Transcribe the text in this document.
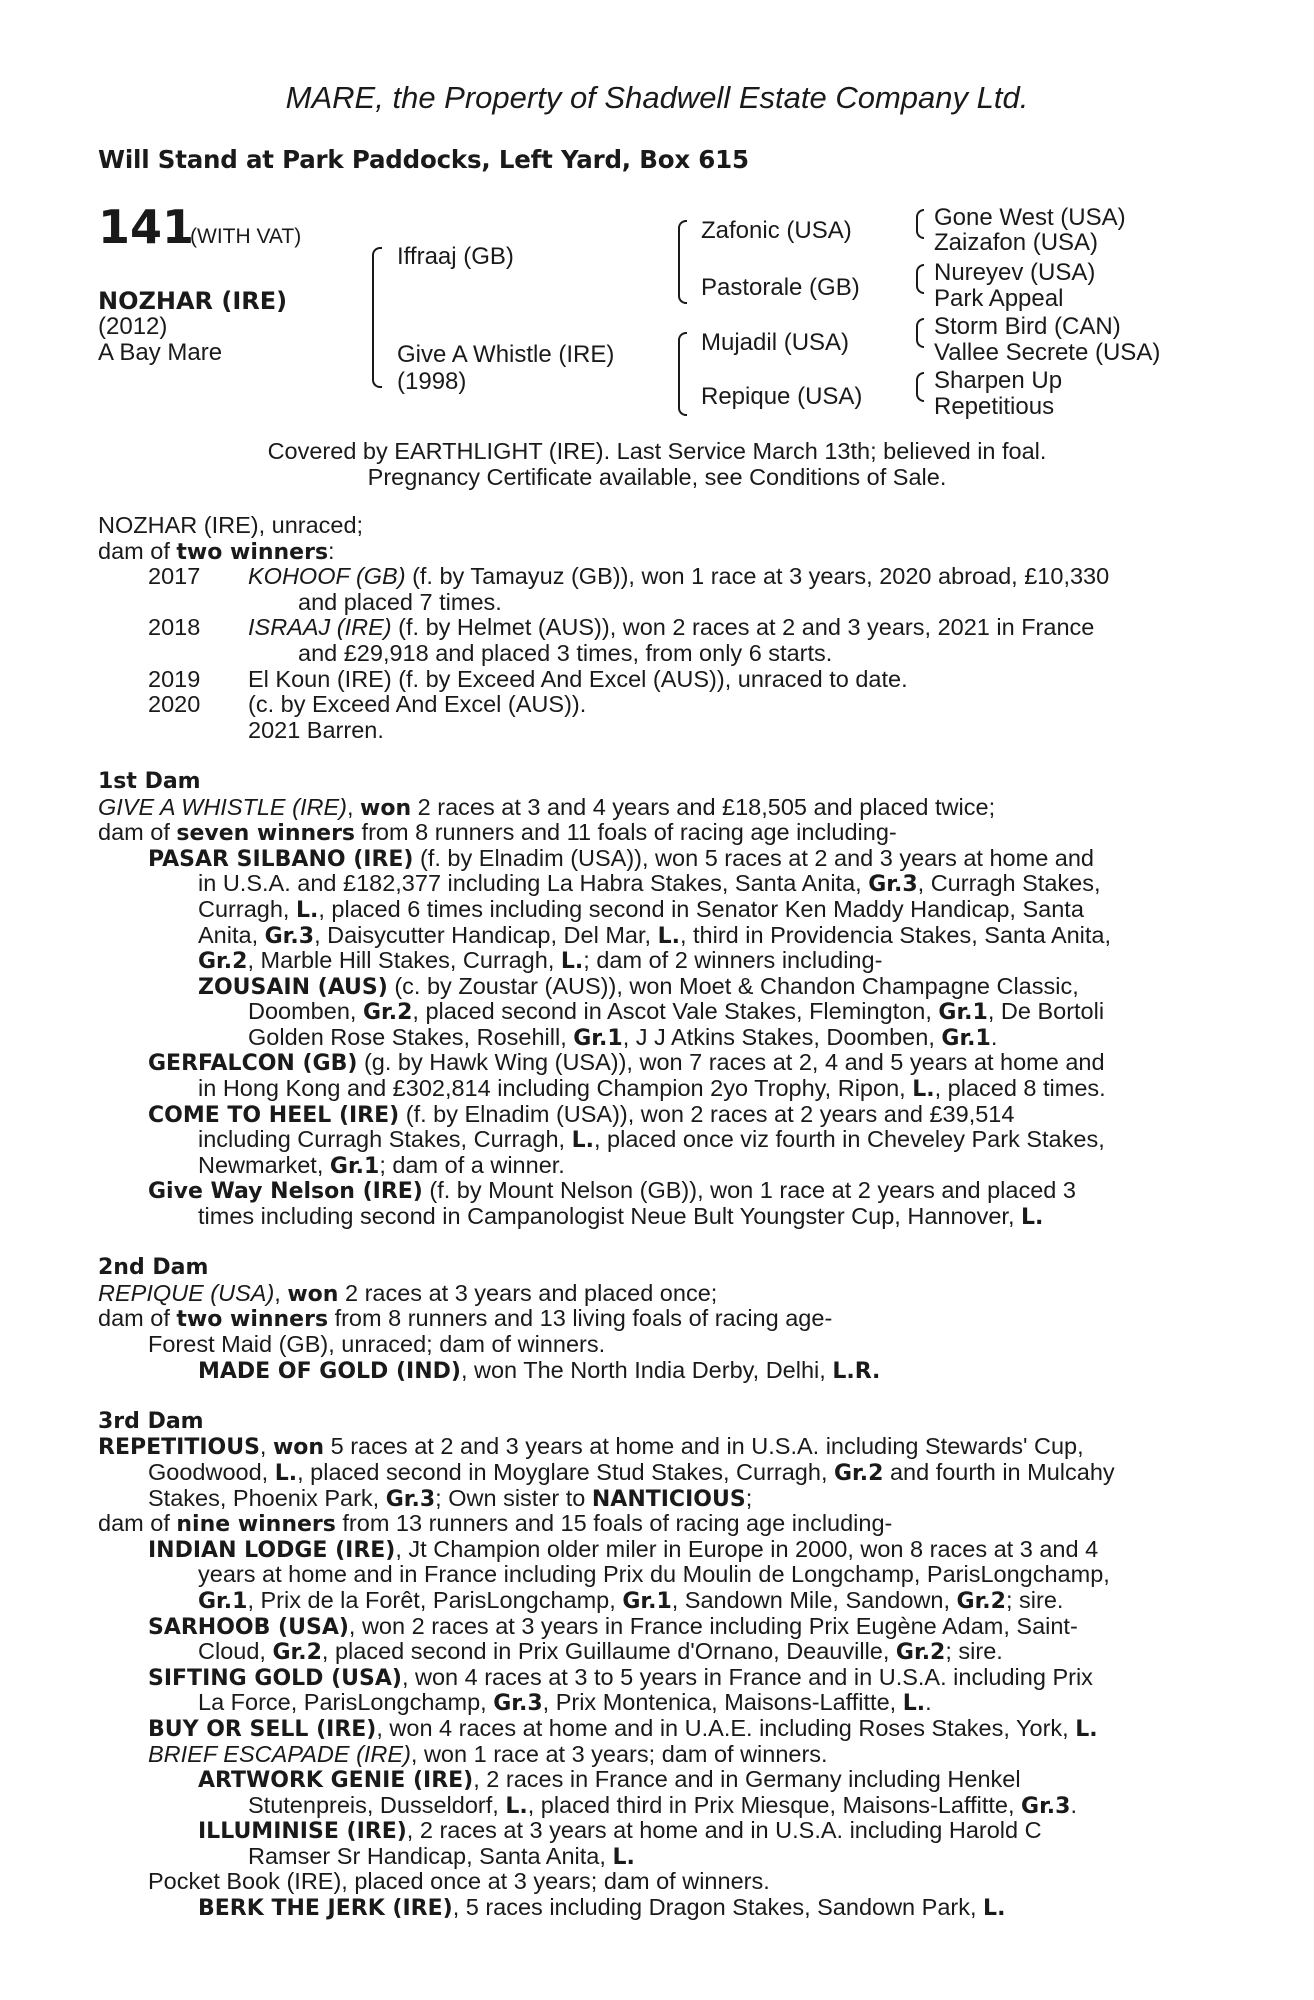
MARE, the Property of Shadwell Estate Company Ltd.
Will Stand at Park Paddocks, Left Yard, Box 615
141
(WITH VAT)
NOZHAR (IRE)
(2012)
A Bay Mare
Iffraaj (GB)
Give A Whistle (IRE)
(1998)
Zafonic (USA)
Pastorale (GB)
Mujadil (USA)
Repique (USA)
Gone West (USA)
Zaizafon (USA)
Nureyev (USA)
Park Appeal
Storm Bird (CAN)
Vallee Secrete (USA)
Sharpen Up
Repetitious
Covered by EARTHLIGHT (IRE). Last Service March 13th; believed in foal.
Pregnancy Certificate available, see Conditions of Sale.
NOZHAR (IRE), unraced;
dam of two winners:
2017 KOHOOF (GB) (f. by Tamayuz (GB)), won 1 race at 3 years, 2020 abroad, £10,330
and placed 7 times.
2018 ISRAAJ (IRE) (f. by Helmet (AUS)), won 2 races at 2 and 3 years, 2021 in France
and £29,918 and placed 3 times, from only 6 starts.
2019 El Koun (IRE) (f. by Exceed And Excel (AUS)), unraced to date.
2020 (c. by Exceed And Excel (AUS)).
2021 Barren.
1st Dam
GIVE A WHISTLE (IRE), won 2 races at 3 and 4 years and £18,505 and placed twice;
dam of seven winners from 8 runners and 11 foals of racing age including-
PASAR SILBANO (IRE) (f. by Elnadim (USA)), won 5 races at 2 and 3 years at home and
in U.S.A. and £182,377 including La Habra Stakes, Santa Anita, Gr.3, Curragh Stakes,
Curragh, L., placed 6 times including second in Senator Ken Maddy Handicap, Santa
Anita, Gr.3, Daisycutter Handicap, Del Mar, L., third in Providencia Stakes, Santa Anita,
Gr.2, Marble Hill Stakes, Curragh, L.; dam of 2 winners including-
ZOUSAIN (AUS) (c. by Zoustar (AUS)), won Moet & Chandon Champagne Classic,
Doomben, Gr.2, placed second in Ascot Vale Stakes, Flemington, Gr.1, De Bortoli
Golden Rose Stakes, Rosehill, Gr.1, J J Atkins Stakes, Doomben, Gr.1.
GERFALCON (GB) (g. by Hawk Wing (USA)), won 7 races at 2, 4 and 5 years at home and
in Hong Kong and £302,814 including Champion 2yo Trophy, Ripon, L., placed 8 times.
COME TO HEEL (IRE) (f. by Elnadim (USA)), won 2 races at 2 years and £39,514
including Curragh Stakes, Curragh, L., placed once viz fourth in Cheveley Park Stakes,
Newmarket, Gr.1; dam of a winner.
Give Way Nelson (IRE) (f. by Mount Nelson (GB)), won 1 race at 2 years and placed 3
times including second in Campanologist Neue Bult Youngster Cup, Hannover, L.
2nd Dam
REPIQUE (USA), won 2 races at 3 years and placed once;
dam of two winners from 8 runners and 13 living foals of racing age-
Forest Maid (GB), unraced; dam of winners.
MADE OF GOLD (IND), won The North India Derby, Delhi, L.R.
3rd Dam
REPETITIOUS, won 5 races at 2 and 3 years at home and in U.S.A. including Stewards' Cup,
Goodwood, L., placed second in Moyglare Stud Stakes, Curragh, Gr.2 and fourth in Mulcahy
Stakes, Phoenix Park, Gr.3; Own sister to NANTICIOUS;
dam of nine winners from 13 runners and 15 foals of racing age including-
INDIAN LODGE (IRE), Jt Champion older miler in Europe in 2000, won 8 races at 3 and 4
years at home and in France including Prix du Moulin de Longchamp, ParisLongchamp,
Gr.1, Prix de la Forêt, ParisLongchamp, Gr.1, Sandown Mile, Sandown, Gr.2; sire.
SARHOOB (USA), won 2 races at 3 years in France including Prix Eugène Adam, Saint-
Cloud, Gr.2, placed second in Prix Guillaume d'Ornano, Deauville, Gr.2; sire.
SIFTING GOLD (USA), won 4 races at 3 to 5 years in France and in U.S.A. including Prix
La Force, ParisLongchamp, Gr.3, Prix Montenica, Maisons-Laffitte, L..
BUY OR SELL (IRE), won 4 races at home and in U.A.E. including Roses Stakes, York, L.
BRIEF ESCAPADE (IRE), won 1 race at 3 years; dam of winners.
ARTWORK GENIE (IRE), 2 races in France and in Germany including Henkel
Stutenpreis, Dusseldorf, L., placed third in Prix Miesque, Maisons-Laffitte, Gr.3.
ILLUMINISE (IRE), 2 races at 3 years at home and in U.S.A. including Harold C
Ramser Sr Handicap, Santa Anita, L.
Pocket Book (IRE), placed once at 3 years; dam of winners.
BERK THE JERK (IRE), 5 races including Dragon Stakes, Sandown Park, L.
